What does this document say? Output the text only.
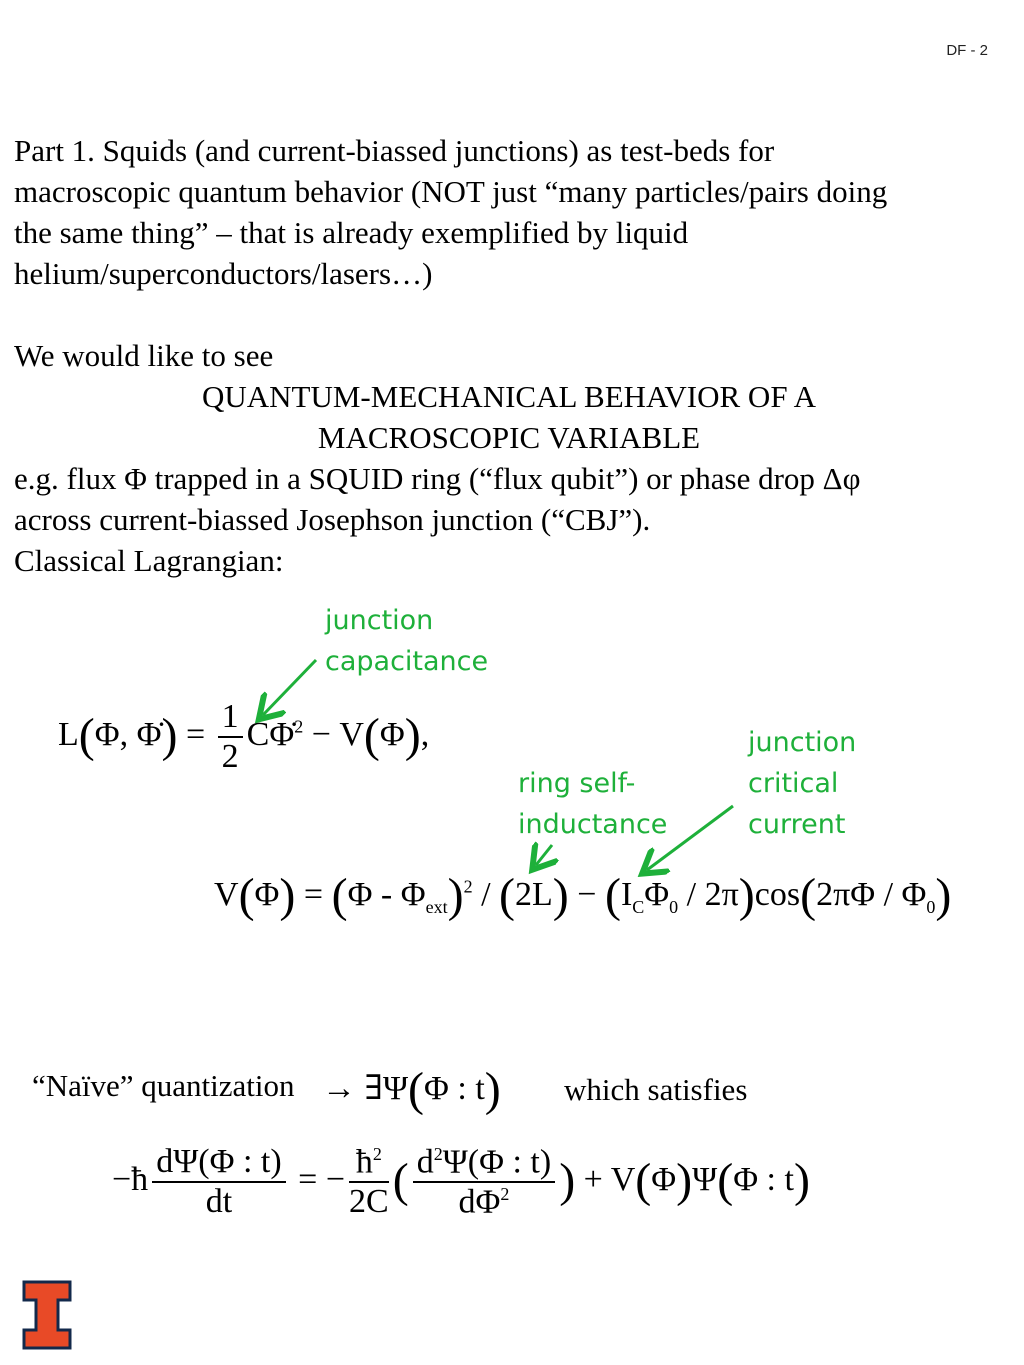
DF - 2
Part 1. Squids (and current-biassed junctions) as test-beds for
macroscopic quantum behavior (NOT just “many particles/pairs doing
the same thing” – that is already exemplified by liquid
helium/superconductors/lasers…)
We would like to see
QUANTUM-MECHANICAL BEHAVIOR OF A
MACROSCOPIC VARIABLE
e.g. flux Φ trapped in a SQUID ring (“flux qubit”) or phase drop Δφ
across current-biassed Josephson junction (“CBJ”).
Classical Lagrangian:
junction
capacitance
ring self-
inductance
junction
critical
current
L(Φ, Φ̇) = $\frac{1}{2}$ CΦ̇$^2$ − V(Φ),
$V(\Phi) = (\Phi - \Phi_{ext})^2 / (2L) - (I_C\Phi_0 / 2\pi)\cos(2\pi\Phi / \Phi_0)$
“Naïve” quantization → ∃Ψ(Φ : t) which satisfies
−ħ $\frac{d\Psi(\Phi : t)}{dt}$ = − $\frac{ħ^2}{2C}$ ( $\frac{d^2\Psi(\Phi : t)}{d\Phi^2}$ ) + V(Φ)Ψ(Φ : t)
